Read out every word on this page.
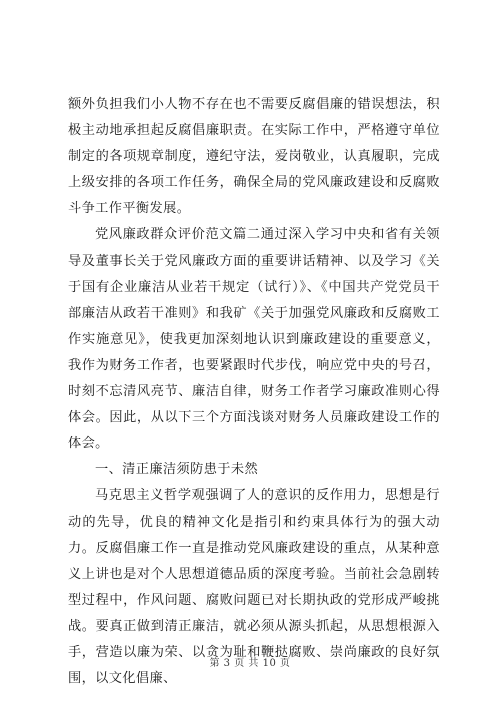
额外负担我们小人物不存在也不需要反腐倡廉的错误想法，积极主动地承担起反腐倡廉职责。在实际工作中，严格遵守单位制定的各项规章制度，遵纪守法，爱岗敬业，认真履职，完成上级安排的各项工作任务，确保全局的党风廉政建设和反腐败斗争工作平衡发展。

党风廉政群众评价范文篇二通过深入学习中央和省有关领导及董事长关于党风廉政方面的重要讲话精神、以及学习《关于国有企业廉洁从业若干规定（试行）》、《中国共产党党员干部廉洁从政若干准则》和我矿《关于加强党风廉政和反腐败工作实施意见》，使我更加深刻地认识到廉政建设的重要意义，我作为财务工作者，也要紧跟时代步伐，响应党中央的号召，时刻不忘清风亮节、廉洁自律，财务工作者学习廉政准则心得体会。因此，从以下三个方面浅谈对财务人员廉政建设工作的体会。

一、清正廉洁须防患于未然

马克思主义哲学观强调了人的意识的反作用力，思想是行动的先导，优良的精神文化是指引和约束具体行为的强大动力。反腐倡廉工作一直是推动党风廉政建设的重点，从某种意义上讲也是对个人思想道德品质的深度考验。当前社会急剧转型过程中，作风问题、腐败问题已对长期执政的党形成严峻挑战。要真正做到清正廉洁，就必须从源头抓起，从思想根源入手，营造以廉为荣、以贪为耻和鞭挞腐败、崇尚廉政的良好氛围，以文化倡廉、

第 3 页 共 10 页
